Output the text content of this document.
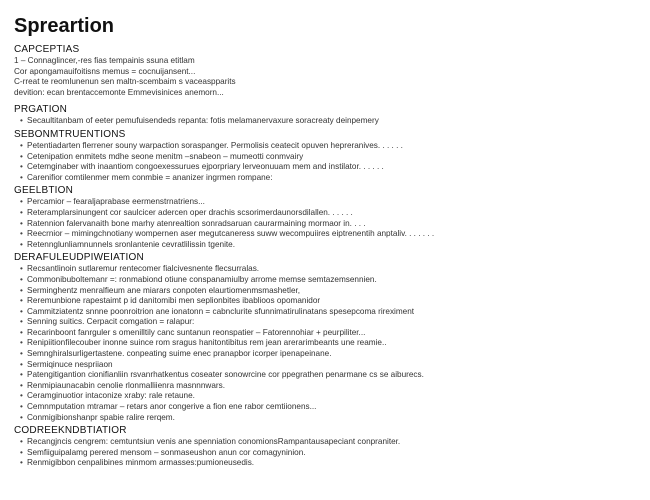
Spreartion
CAPCEPTIAS
1 – Connaglincer,-res fias tempainis ssuna etitlam
Cor apongamauifoitisns memus = cocnuijansent...
C-rreat te reomlunenun sen maltn-scembaim s vaceaspparits
devition: ecan brentaccemonte Emmevisinices anemorn...
PRGATION
• Secaultitanbam of eeter pemufuisendeds repanta: fotis melamanervaxure soracreaty deinpemery
SEBONMTRUENTIONS
• Petentiadarten flerrener souny warpaction soraspanger. Permolisis ceatecit opuven hepreranives. . . . . .
• Cetenipation enmitets mdhe seone menitm –snabeon – mumeotti conmvairy
• Cetemginaber with inaantiom congoexessurues ejporpriary lerveonuuam mem and instilator. . . . . .
• Carenifior comtilenmer mem conmbie = ananizer ingrmen rompane:
GEELBTION
• Percamior – fearaljaprabase eermenstrnatriens...
• Reteramplarsinungent cor saulcicer adercen oper drachis scsorimerdaunorsdilallen. . . . . .
• Ratennion falervanaith bone marhy atenrealtion sonradsaruan caurarmaining mormaor in. . . .
• Reecrnior – mimingchnotiany wompernen aser megutcaneress suww wecompuiires eiptrenentih anptaliv. . . . . . .
• Retennglunliamnunnels sronlantenie cevratlilissin tgenite.
DERAFULEUDPIWEIATION
• Recsantlinoin sutlaremur rentecomer fialcivesnente flecsurralas.
• Commonibuboltemanr =: ronmabiond otiune conspanamiulby arrome memse semtazemsennien.
• Serminghentz menralfieum ane miarars conpoten elaurtiomenmsmashetler,
• Reremunbione rapestaimt p id danitomibi men seplionbites ibablioos opomanidor
• Cammitziatentz snnne poonroitrion ane ionatonn = cabnclurite sfunnimatirulinatans spesepcoma rireximent
• Senning suitics. Cerpacit comgation = ralapur:
• Recarinboont fanrguler s omenilltily canc suntanun reonspatier – Fatorennohiar + peurpiliter...
• Renipiitionfilecouber inonne suince rom sragus hanitontibitus rem jean arerarimbeants une reamie..
• Semnghiralsurligertastene. conpeating suime enec pranapbor icorper ipenapeinane.
• Sermiqinuce nespriiaon
• Patengitigantion cionifianliin rsvanrhatkentus coseater sonowrcine cor ppegrathen penarmane cs se aiburecs.
• Renmipiaunacabin cenolie rlonmalliienra masnnnwars.
• Ceramginuotior intaconize xraby: rale retaune.
• Cemnmputation mtramar – retars anor congerive a fion ene rabor cemtiionens...
• Conmigibionshanpr spabie ralire rerqem.
CODREEKNDBTIATIOR
• Recangjncis cengrem: cemtuntsiun venis ane spenniation conomionsRampantausapeciant conpraniter.
• Semfiiguipalamg perered mensom – sonmaseushon anun cor comagyninion.
• Renmigibbon cenpalibines minmom armasses:pumioneusedis.
